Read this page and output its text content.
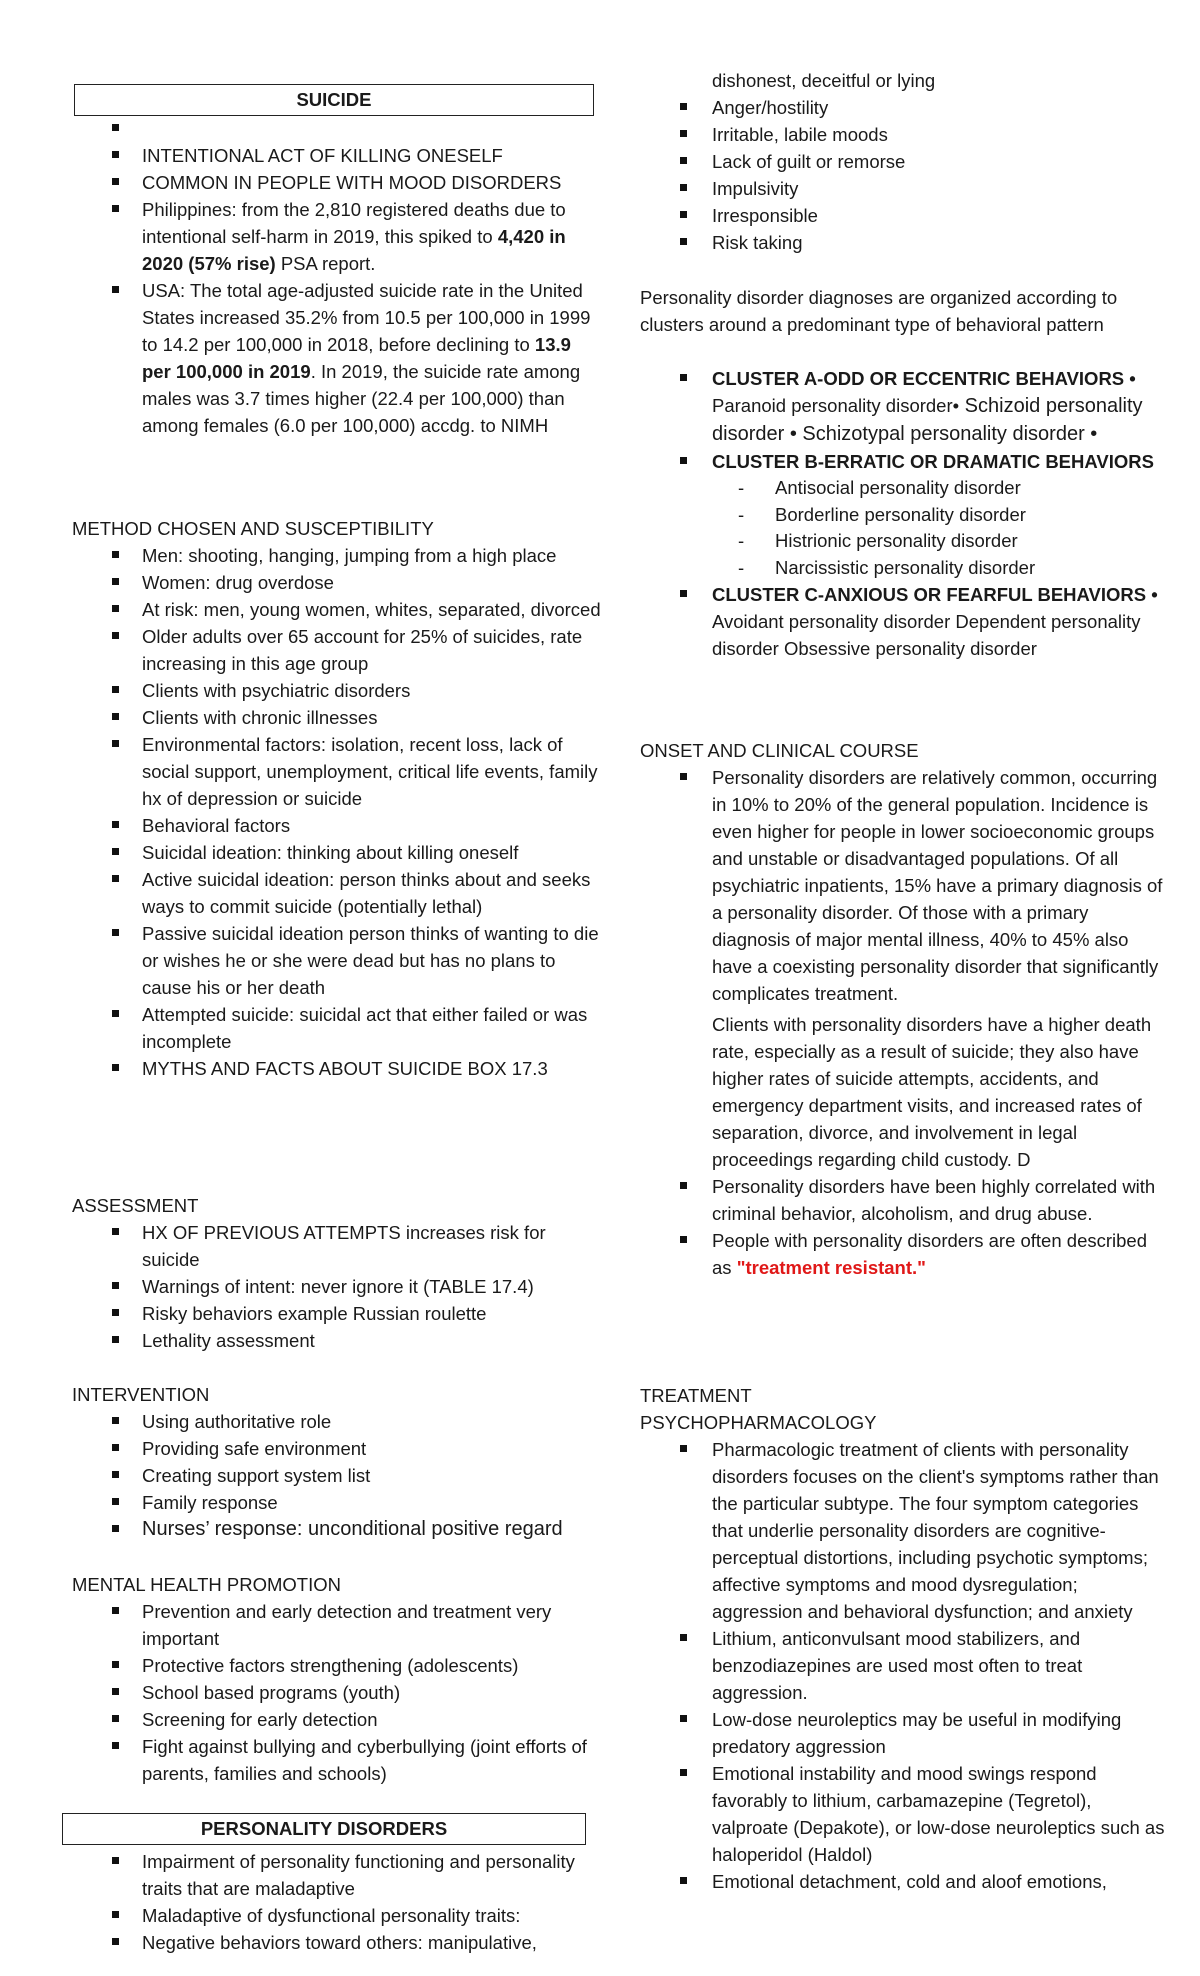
SUICIDE
INTENTIONAL ACT OF KILLING ONESELF
COMMON IN PEOPLE WITH MOOD DISORDERS
Philippines: from the 2,810 registered deaths due to intentional self-harm in 2019, this spiked to 4,420 in 2020 (57% rise) PSA report.
USA: The total age-adjusted suicide rate in the United States increased 35.2% from 10.5 per 100,000 in 1999 to 14.2 per 100,000 in 2018, before declining to 13.9 per 100,000 in 2019. In 2019, the suicide rate among males was 3.7 times higher (22.4 per 100,000) than among females (6.0 per 100,000) accdg. to NIMH
METHOD CHOSEN AND SUSCEPTIBILITY
Men: shooting, hanging, jumping from a high place
Women: drug overdose
At risk: men, young women, whites, separated, divorced
Older adults over 65 account for 25% of suicides, rate increasing in this age group
Clients with psychiatric disorders
Clients with chronic illnesses
Environmental factors: isolation, recent loss, lack of social support, unemployment, critical life events, family hx of depression or suicide
Behavioral factors
Suicidal ideation: thinking about killing oneself
Active suicidal ideation: person thinks about and seeks ways to commit suicide (potentially lethal)
Passive suicidal ideation person thinks of wanting to die or wishes he or she were dead but has no plans to cause his or her death
Attempted suicide: suicidal act that either failed or was incomplete
MYTHS AND FACTS ABOUT SUICIDE BOX 17.3
ASSESSMENT
HX OF PREVIOUS ATTEMPTS increases risk for suicide
Warnings of intent: never ignore it (TABLE 17.4)
Risky behaviors example Russian roulette
Lethality assessment
INTERVENTION
Using authoritative role
Providing safe environment
Creating support system list
Family response
Nurses’ response: unconditional positive regard
MENTAL HEALTH PROMOTION
Prevention and early detection and treatment very important
Protective factors strengthening (adolescents)
School based programs (youth)
Screening for early detection
Fight against bullying and cyberbullying (joint efforts of parents, families and schools)
PERSONALITY DISORDERS
Impairment of personality functioning and personality traits that are maladaptive
Maladaptive of dysfunctional personality traits:
Negative behaviors toward others: manipulative,

dishonest, deceitful or lying

Anger/hostility
Irritable, labile moods
Lack of guilt or remorse
Impulsivity
Irresponsible
Risk taking

Personality disorder diagnoses are organized according to clusters around a predominant type of behavioral pattern

CLUSTER A-ODD OR ECCENTRIC BEHAVIORS •
Paranoid personality disorder• Schizoid personality disorder • Schizotypal personality disorder •
CLUSTER B-ERRATIC OR DRAMATIC BEHAVIORS
- Antisocial personality disorder
- Borderline personality disorder
- Histrionic personality disorder
- Narcissistic personality disorder
CLUSTER C-ANXIOUS OR FEARFUL BEHAVIORS •
Avoidant personality disorder Dependent personality disorder Obsessive personality disorder
ONSET AND CLINICAL COURSE
Personality disorders are relatively common, occurring in 10% to 20% of the general population. Incidence is even higher for people in lower socioeconomic groups and unstable or disadvantaged populations. Of all psychiatric inpatients, 15% have a primary diagnosis of a personality disorder. Of those with a primary diagnosis of major mental illness, 40% to 45% also have a coexisting personality disorder that significantly complicates treatment.
Clients with personality disorders have a higher death rate, especially as a result of suicide; they also have higher rates of suicide attempts, accidents, and emergency department visits, and increased rates of separation, divorce, and involvement in legal proceedings regarding child custody. D
Personality disorders have been highly correlated with criminal behavior, alcoholism, and drug abuse.
People with personality disorders are often described as "treatment resistant."
TREATMENT
PSYCHOPHARMACOLOGY
Pharmacologic treatment of clients with personality disorders focuses on the client's symptoms rather than the particular subtype. The four symptom categories that underlie personality disorders are cognitive- perceptual distortions, including psychotic symptoms; affective symptoms and mood dysregulation; aggression and behavioral dysfunction; and anxiety
Lithium, anticonvulsant mood stabilizers, and benzodiazepines are used most often to treat aggression.
Low-dose neuroleptics may be useful in modifying predatory aggression
Emotional instability and mood swings respond favorably to lithium, carbamazepine (Tegretol), valproate (Depakote), or low-dose neuroleptics such as haloperidol (Haldol)
Emotional detachment, cold and aloof emotions,
